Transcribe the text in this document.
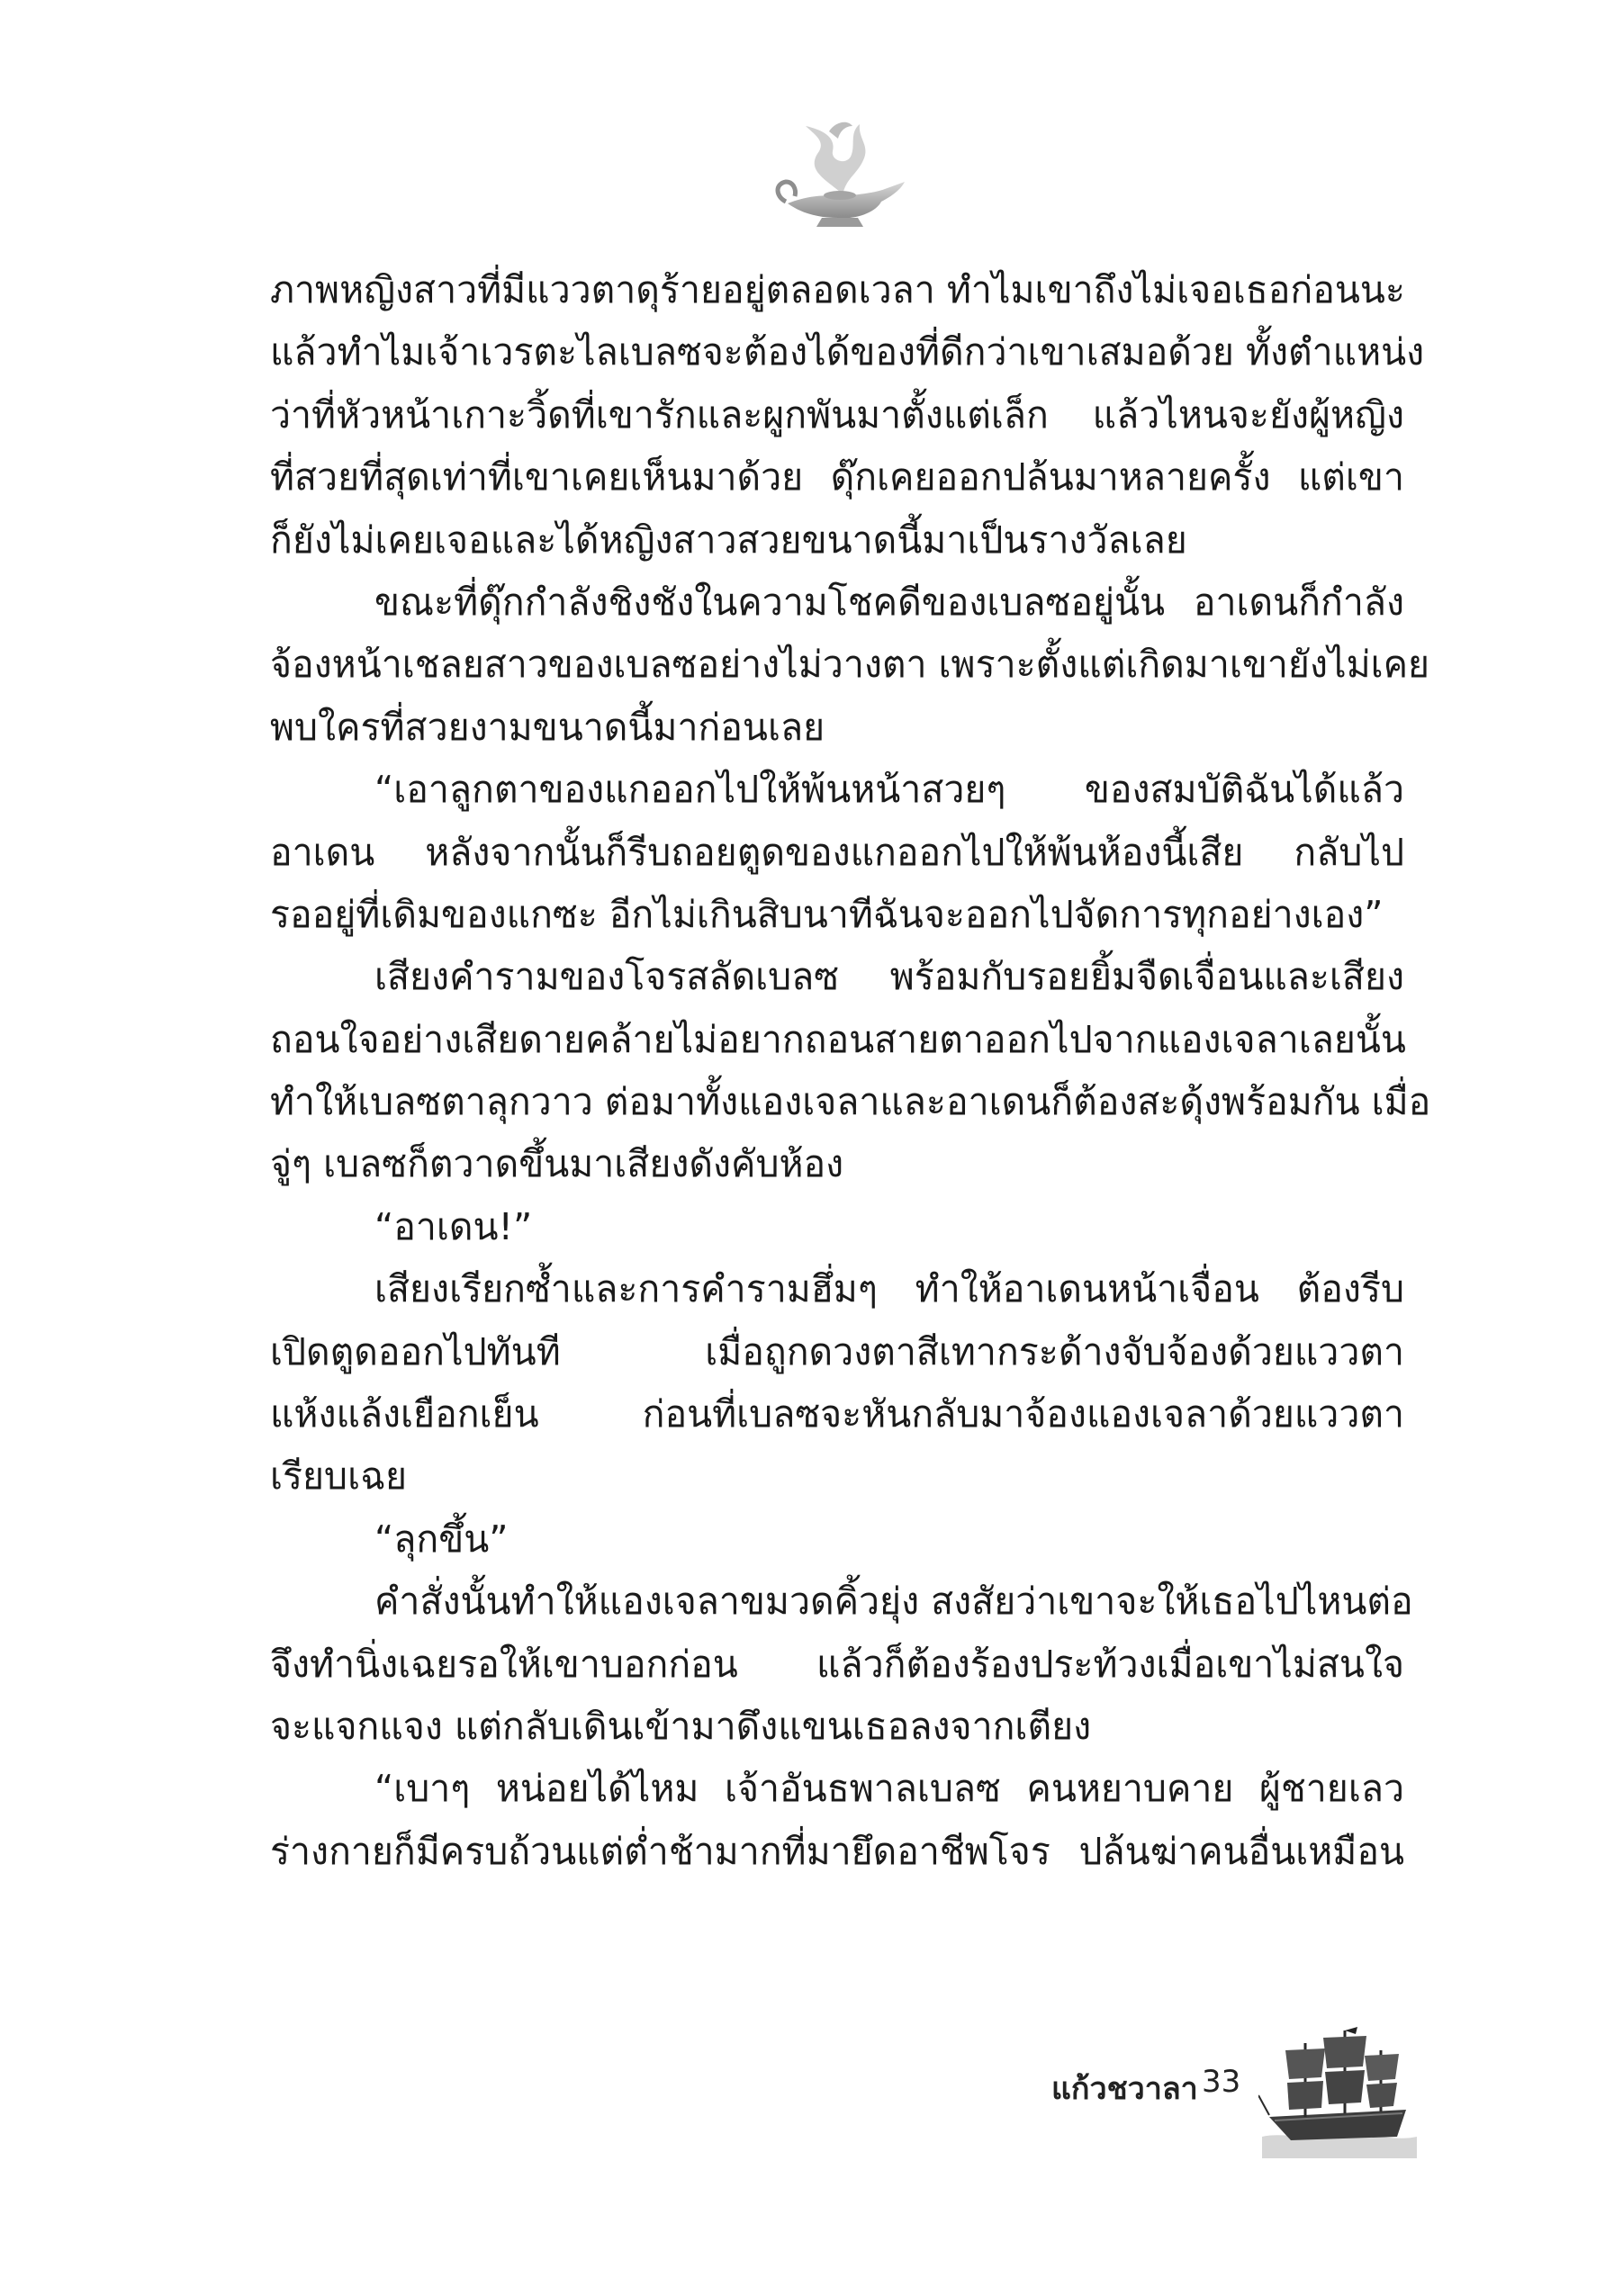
ภาพหญิงสาวที่มีแววตาดุร้ายอยู่ตลอดเวลา ทำไมเขาถึงไม่เจอเธอก่อนนะ
แล้วทำไมเจ้าเวรตะไลเบลซจะต้องได้ของที่ดีกว่าเขาเสมอด้วย ทั้งตำแหน่ง
ว่าที่หัวหน้าเกาะวิ้ดที่เขารักและผูกพันมาตั้งแต่เล็ก แล้วไหนจะยังผู้หญิง
ที่สวยที่สุดเท่าที่เขาเคยเห็นมาด้วย ดุ๊กเคยออกปล้นมาหลายครั้ง แต่เขา
ก็ยังไม่เคยเจอและได้หญิงสาวสวยขนาดนี้มาเป็นรางวัลเลย
ขณะที่ดุ๊กกำลังชิงชังในความโชคดีของเบลซอยู่นั้น อาเดนก็กำลัง
จ้องหน้าเชลยสาวของเบลซอย่างไม่วางตา เพราะตั้งแต่เกิดมาเขายังไม่เคย
พบใครที่สวยงามขนาดนี้มาก่อนเลย
“เอาลูกตาของแกออกไปให้พ้นหน้าสวยๆ ของสมบัติฉันได้แล้ว
อาเดน หลังจากนั้นก็รีบถอยตูดของแกออกไปให้พ้นห้องนี้เสีย กลับไป
รออยู่ที่เดิมของแกซะ อีกไม่เกินสิบนาทีฉันจะออกไปจัดการทุกอย่างเอง”
เสียงคำรามของโจรสลัดเบลซ พร้อมกับรอยยิ้มจืดเจื่อนและเสียง
ถอนใจอย่างเสียดายคล้ายไม่อยากถอนสายตาออกไปจากแองเจลาเลยนั้น
ทำให้เบลซตาลุกวาว ต่อมาทั้งแองเจลาและอาเดนก็ต้องสะดุ้งพร้อมกัน เมื่อ
จู่ๆ เบลซก็ตวาดขึ้นมาเสียงดังคับห้อง
“อาเดน!”
เสียงเรียกซ้ำและการคำรามฮึ่มๆ ทำให้อาเดนหน้าเจื่อน ต้องรีบ
เปิดตูดออกไปทันที เมื่อถูกดวงตาสีเทากระด้างจับจ้องด้วยแววตา
แห้งแล้งเยือกเย็น ก่อนที่เบลซจะหันกลับมาจ้องแองเจลาด้วยแววตา
เรียบเฉย
“ลุกขึ้น”
คำสั่งนั้นทำให้แองเจลาขมวดคิ้วยุ่ง สงสัยว่าเขาจะให้เธอไปไหนต่อ
จึงทำนิ่งเฉยรอให้เขาบอกก่อน แล้วก็ต้องร้องประท้วงเมื่อเขาไม่สนใจ
จะแจกแจง แต่กลับเดินเข้ามาดึงแขนเธอลงจากเตียง
“เบาๆ หน่อยได้ไหม เจ้าอันธพาลเบลซ คนหยาบคาย ผู้ชายเลว
ร่างกายก็มีครบถ้วนแต่ต่ำช้ามากที่มายึดอาชีพโจร ปล้นฆ่าคนอื่นเหมือน
แก้วชวาลา 33
